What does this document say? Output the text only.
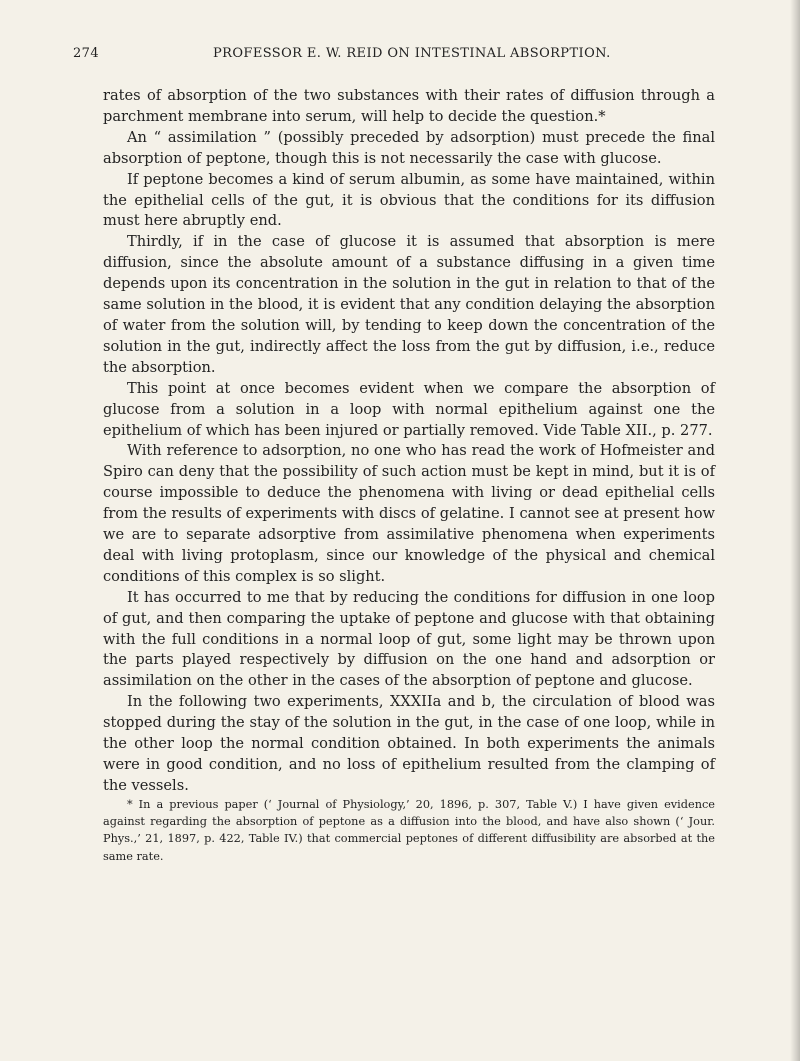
274	PROFESSOR E. W. REID ON INTESTINAL ABSORPTION.

rates of absorption of the two substances with their rates of diffusion through a parchment membrane into serum, will help to decide the question.*

An “ assimilation ” (possibly preceded by adsorption) must precede the final absorption of peptone, though this is not necessarily the case with glucose.

If peptone becomes a kind of serum albumin, as some have maintained, within the epithelial cells of the gut, it is obvious that the conditions for its diffusion must here abruptly end.

Thirdly, if in the case of glucose it is assumed that absorption is mere diffusion, since the absolute amount of a substance diffusing in a given time depends upon its concentration in the solution in the gut in relation to that of the same solution in the blood, it is evident that any condition delaying the absorption of water from the solution will, by tending to keep down the concentration of the solution in the gut, indirectly affect the loss from the gut by diffusion, i.e., reduce the absorption.

This point at once becomes evident when we compare the absorption of glucose from a solution in a loop with normal epithelium against one the epithelium of which has been injured or partially removed. Vide Table XII., p. 277.

With reference to adsorption, no one who has read the work of Hofmeister and Spiro can deny that the possibility of such action must be kept in mind, but it is of course impossible to deduce the phenomena with living or dead epithelial cells from the results of experiments with discs of gelatine. I cannot see at present how we are to separate adsorptive from assimilative phenomena when experiments deal with living protoplasm, since our knowledge of the physical and chemical conditions of this complex is so slight.

It has occurred to me that by reducing the conditions for diffusion in one loop of gut, and then comparing the uptake of peptone and glucose with that obtaining with the full conditions in a normal loop of gut, some light may be thrown upon the parts played respectively by diffusion on the one hand and adsorption or assimilation on the other in the cases of the absorption of peptone and glucose.

In the following two experiments, XXXIIa and b, the circulation of blood was stopped during the stay of the solution in the gut, in the case of one loop, while in the other loop the normal condition obtained. In both experiments the animals were in good condition, and no loss of epithelium resulted from the clamping of the vessels.

* In a previous paper (‘ Journal of Physiology,’ 20, 1896, p. 307, Table V.) I have given evidence against regarding the absorption of peptone as a diffusion into the blood, and have also shown (‘ Jour. Phys.,’ 21, 1897, p. 422, Table IV.) that commercial peptones of different diffusibility are absorbed at the same rate.
